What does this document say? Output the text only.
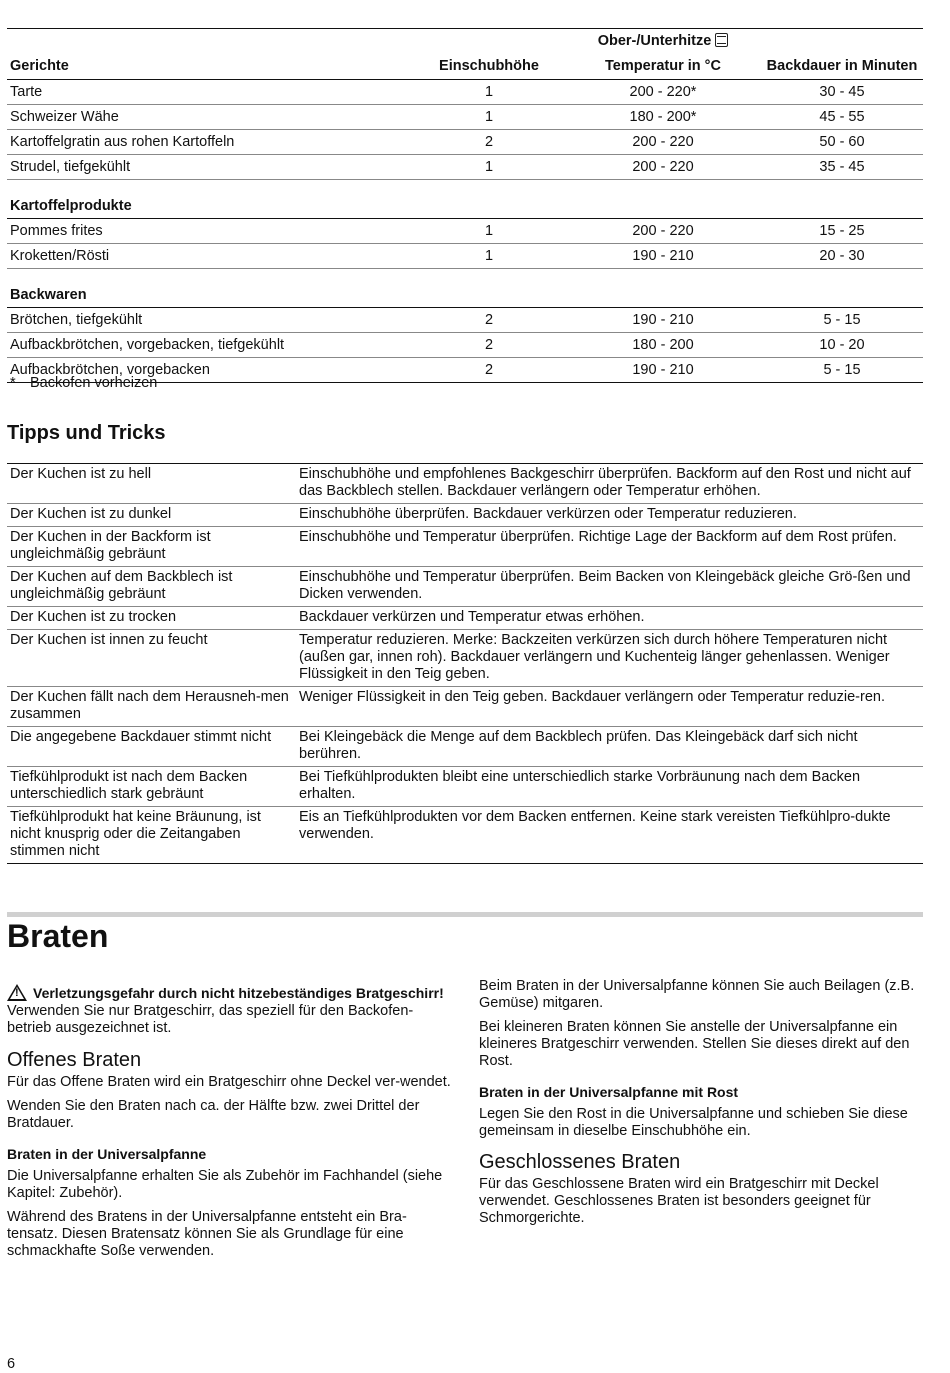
		Ober-/Unterhitze	
Gerichte	Einschubhöhe	Temperatur in °C	Backdauer in Minuten
Tarte	1	200 - 220*	30 - 45
Schweizer Wähe	1	180 - 200*	45 - 55
Kartoffelgratin aus rohen Kartoffeln	2	200 - 220	50 - 60
Strudel, tiefgekühlt	1	200 - 220	35 - 45
Kartoffelprodukte			
Pommes frites	1	200 - 220	15 - 25
Kroketten/Rösti	1	190 - 210	20 - 30
Backwaren			
Brötchen, tiefgekühlt	2	190 - 210	5 - 15
Aufbackbrötchen, vorgebacken, tiefgekühlt	2	180 - 200	10 - 20
Aufbackbrötchen, vorgebacken	2	190 - 210	5 - 15
* Backofen vorheizen
Tipps und Tricks
Der Kuchen ist zu hell	Einschubhöhe und empfohlenes Backgeschirr überprüfen. Backform auf den Rost und nicht auf das Backblech stellen. Backdauer verlängern oder Temperatur erhöhen.
Der Kuchen ist zu dunkel	Einschubhöhe überprüfen. Backdauer verkürzen oder Temperatur reduzieren.
Der Kuchen in der Backform ist ungleichmäßig gebräunt	Einschubhöhe und Temperatur überprüfen. Richtige Lage der Backform auf dem Rost prüfen.
Der Kuchen auf dem Backblech ist ungleichmäßig gebräunt	Einschubhöhe und Temperatur überprüfen. Beim Backen von Kleingebäck gleiche Grö-ßen und Dicken verwenden.
Der Kuchen ist zu trocken	Backdauer verkürzen und Temperatur etwas erhöhen.
Der Kuchen ist innen zu feucht	Temperatur reduzieren. Merke: Backzeiten verkürzen sich durch höhere Temperaturen nicht (außen gar, innen roh). Backdauer verlängern und Kuchenteig länger gehenlassen. Weniger Flüssigkeit in den Teig geben.
Der Kuchen fällt nach dem Herausneh-men zusammen	Weniger Flüssigkeit in den Teig geben. Backdauer verlängern oder Temperatur reduzie-ren.
Die angegebene Backdauer stimmt nicht	Bei Kleingebäck die Menge auf dem Backblech prüfen. Das Kleingebäck darf sich nicht berühren.
Tiefkühlprodukt ist nach dem Backen unterschiedlich stark gebräunt	Bei Tiefkühlprodukten bleibt eine unterschiedlich starke Vorbräunung nach dem Backen erhalten.
Tiefkühlprodukt hat keine Bräunung, ist nicht knusprig oder die Zeitangaben stimmen nicht	Eis an Tiefkühlprodukten vor dem Backen entfernen. Keine stark vereisten Tiefkühlpro-dukte verwenden.
Braten
!Verletzungsgefahr durch nicht hitzebeständiges Bratgeschirr!

Verwenden Sie nur Bratgeschirr, das speziell für den Backofen-betrieb ausgezeichnet ist.

Offenes Braten

Für das Offene Braten wird ein Bratgeschirr ohne Deckel ver-wendet.

Wenden Sie den Braten nach ca. der Hälfte bzw. zwei Drittel der Bratdauer.

Braten in der Universalpfanne

Die Universalpfanne erhalten Sie als Zubehör im Fachhandel (siehe Kapitel: Zubehör).

Während des Bratens in der Universalpfanne entsteht ein Bra-tensatz. Diesen Bratensatz können Sie als Grundlage für eine schmackhafte Soße verwenden.

Beim Braten in der Universalpfanne können Sie auch Beilagen (z.B. Gemüse) mitgaren.

Bei kleineren Braten können Sie anstelle der Universalpfanne ein kleineres Bratgeschirr verwenden. Stellen Sie dieses direkt auf den Rost.

Braten in der Universalpfanne mit Rost

Legen Sie den Rost in die Universalpfanne und schieben Sie diese gemeinsam in dieselbe Einschubhöhe ein.

Geschlossenes Braten

Für das Geschlossene Braten wird ein Bratgeschirr mit Deckel verwendet. Geschlossenes Braten ist besonders geeignet für Schmorgerichte.

6
